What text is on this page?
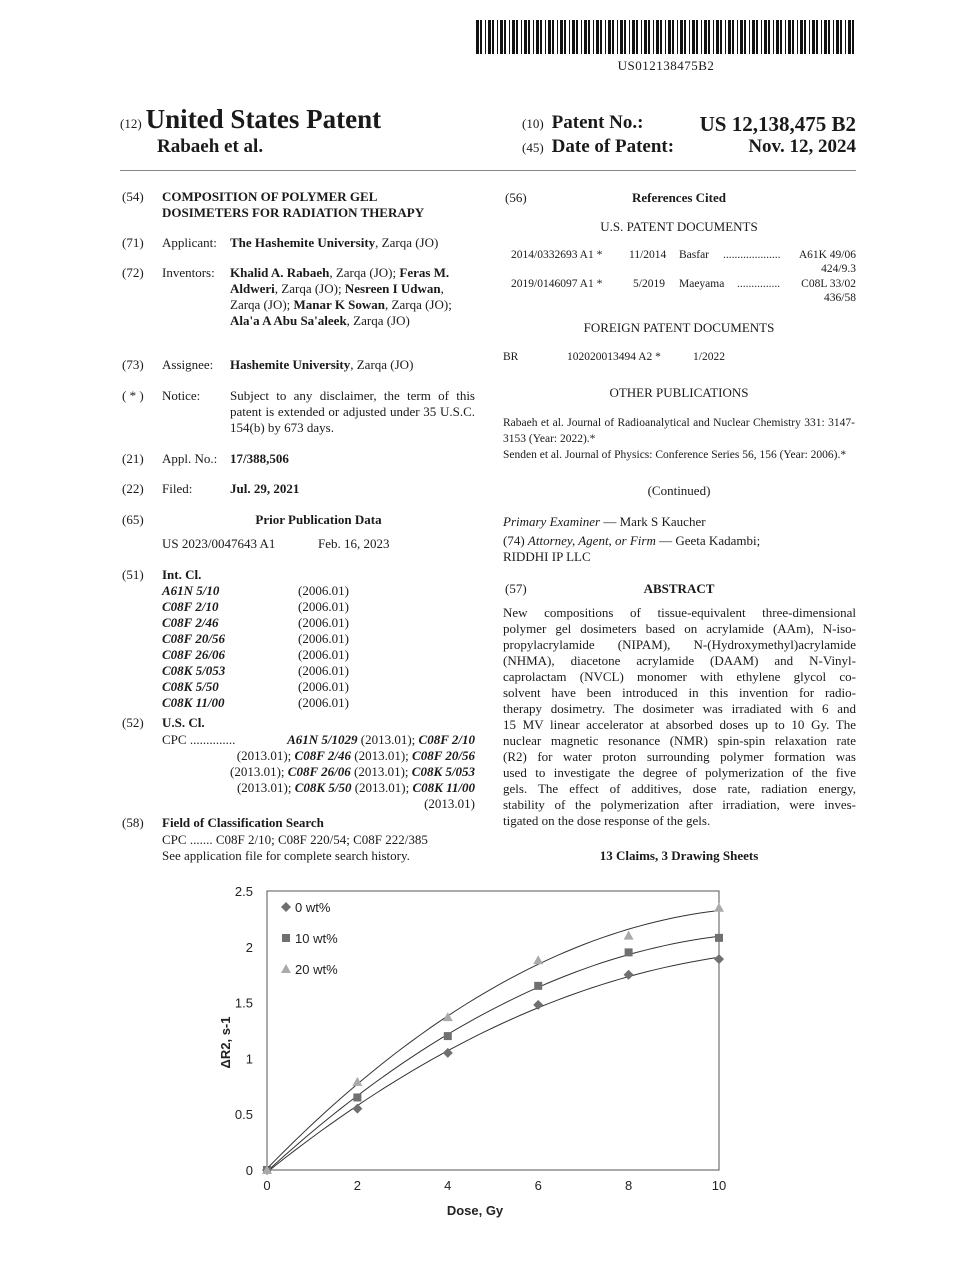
US012138475B2
(12) United States Patent
Rabaeh et al.
(10) Patent No.:	US 12,138,475 B2
(45) Date of Patent:	Nov. 12, 2024
(54) COMPOSITION OF POLYMER GEL
DOSIMETERS FOR RADIATION THERAPY
(71) Applicant: The Hashemite University, Zarqa (JO)
(72) Inventors: Khalid A. Rabaeh, Zarqa (JO); Feras M. Aldweri, Zarqa (JO); Nesreen I Udwan, Zarqa (JO); Manar K Sowan, Zarqa (JO); Ala'a A Abu Sa'aleek, Zarqa (JO)
(73) Assignee: Hashemite University, Zarqa (JO)
( * ) Notice: Subject to any disclaimer, the term of this patent is extended or adjusted under 35 U.S.C. 154(b) by 673 days.
(21) Appl. No.: 17/388,506
(22) Filed:	Jul. 29, 2021
(65)	Prior Publication Data
US 2023/0047643 A1	Feb. 16, 2023
(51) Int. Cl.
A61N 5/10	(2006.01)
C08F 2/10	(2006.01)
C08F 2/46	(2006.01)
C08F 20/56	(2006.01)
C08F 26/06	(2006.01)
C08K 5/053	(2006.01)
C08K 5/50	(2006.01)
C08K 11/00	(2006.01)
(52) U.S. Cl.
CPC ..............	A61N 5/1029 (2013.01); C08F 2/10
(2013.01); C08F 2/46 (2013.01); C08F 20/56
(2013.01); C08F 26/06 (2013.01); C08K 5/053
(2013.01); C08K 5/50 (2013.01); C08K 11/00
(2013.01)
(58) Field of Classification Search
CPC ....... C08F 2/10; C08F 220/54; C08F 222/385
See application file for complete search history.
(56)	References Cited
U.S. PATENT DOCUMENTS
2014/0332693 A1 * 11/2014 Basfar .................... A61K 49/06
424/9.3
2019/0146097 A1 *	5/2019 Maeyama ............... C08L 33/02
436/58
FOREIGN PATENT DOCUMENTS
BR	102020013494 A2 *	1/2022
OTHER PUBLICATIONS
Rabaeh et al. Journal of Radioanalytical and Nuclear Chemistry 331: 3147-3153 (Year: 2022).*
Senden et al. Journal of Physics: Conference Series 56, 156 (Year: 2006).*
(Continued)
Primary Examiner — Mark S Kaucher
(74) Attorney, Agent, or Firm — Geeta Kadambi;
RIDDHI IP LLC
(57)	ABSTRACT
New compositions of tissue-equivalent three-dimensional
polymer gel dosimeters based on acrylamide (AAm), N-iso-
propylacrylamide (NIPAM), N-(Hydroxymethyl)acrylamide
(NHMA), diacetone acrylamide (DAAM) and N-Vinyl-
caprolactam (NVCL) monomer with ethylene glycol co-
solvent have been introduced in this invention for radio-
therapy dosimetry. The dosimeter was irradiated with 6 and
15 MV linear accelerator at absorbed doses up to 10 Gy. The
nuclear magnetic resonance (NMR) spin-spin relaxation rate
(R2) for water proton surrounding polymer formation was
used to investigate the degree of polymerization of the five
gels. The effect of additives, dose rate, radiation energy,
stability of the polymerization after irradiation, were inves-
tigated on the dose response of the gels.
13 Claims, 3 Drawing Sheets
0
0.5
1
1.5
2
2.5
0	2	4	6	8	10
Dose, Gy
ΔR2, s-1
0 wt%
10 wt%
20 wt%
